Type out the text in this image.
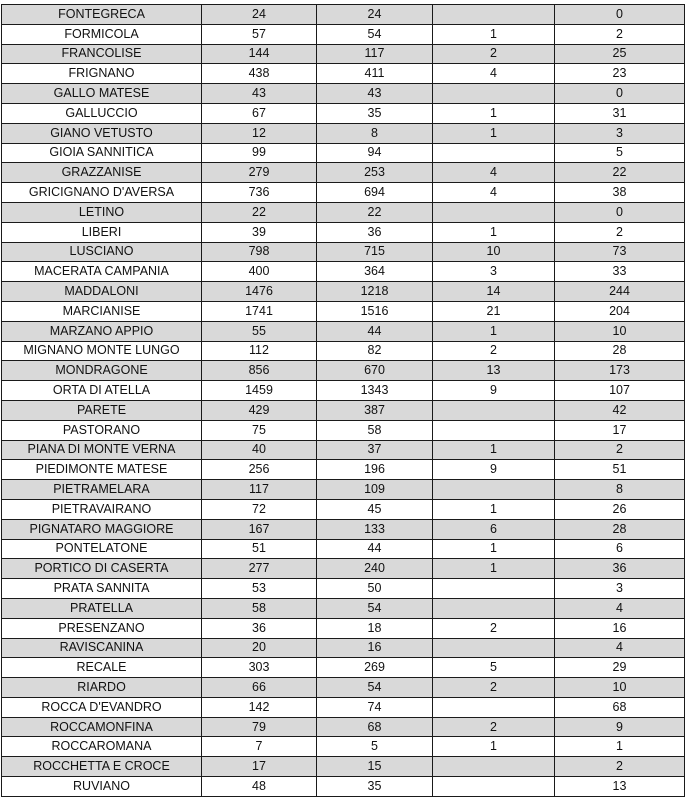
FONTEGRECA	24	24		0
FORMICOLA	57	54	1	2
FRANCOLISE	144	117	2	25
FRIGNANO	438	411	4	23
GALLO MATESE	43	43		0
GALLUCCIO	67	35	1	31
GIANO VETUSTO	12	8	1	3
GIOIA SANNITICA	99	94		5
GRAZZANISE	279	253	4	22
GRICIGNANO D'AVERSA	736	694	4	38
LETINO	22	22		0
LIBERI	39	36	1	2
LUSCIANO	798	715	10	73
MACERATA CAMPANIA	400	364	3	33
MADDALONI	1476	1218	14	244
MARCIANISE	1741	1516	21	204
MARZANO APPIO	55	44	1	10
MIGNANO MONTE LUNGO	112	82	2	28
MONDRAGONE	856	670	13	173
ORTA DI ATELLA	1459	1343	9	107
PARETE	429	387		42
PASTORANO	75	58		17
PIANA DI MONTE VERNA	40	37	1	2
PIEDIMONTE MATESE	256	196	9	51
PIETRAMELARA	117	109		8
PIETRAVAIRANO	72	45	1	26
PIGNATARO MAGGIORE	167	133	6	28
PONTELATONE	51	44	1	6
PORTICO DI CASERTA	277	240	1	36
PRATA SANNITA	53	50		3
PRATELLA	58	54		4
PRESENZANO	36	18	2	16
RAVISCANINA	20	16		4
RECALE	303	269	5	29
RIARDO	66	54	2	10
ROCCA D'EVANDRO	142	74		68
ROCCAMONFINA	79	68	2	9
ROCCAROMANA	7	5	1	1
ROCCHETTA E CROCE	17	15		2
RUVIANO	48	35		13
